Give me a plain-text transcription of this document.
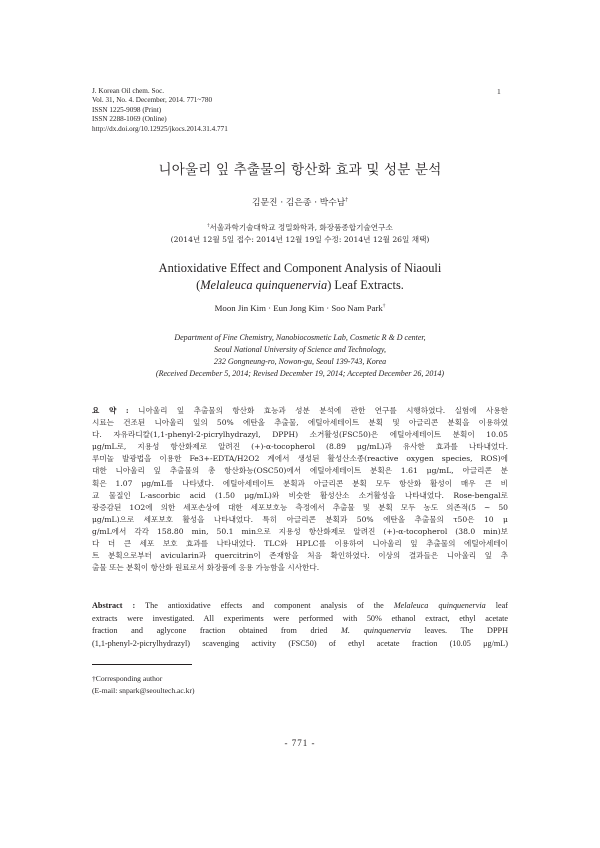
J. Korean Oil chem. Soc.
Vol. 31, No. 4. December, 2014. 771~780
ISSN 1225-9098 (Print)
ISSN 2288-1069 (Online)
http://dx.doi.org/10.12925/jkocs.2014.31.4.771
1
니아울리 잎 추출물의 항산화 효과 및 성분 분석
김문진 · 김은종 · 박수남†
†서울과학기술대학교 정밀화학과, 화장품종합기술연구소
(2014년 12월 5일 접수: 2014년 12월 19일 수정: 2014년 12월 26일 채택)
Antioxidative Effect and Component Analysis of Niaouli
(Melaleuca quinquenervia) Leaf Extracts.
Moon Jin Kim · Eun Jong Kim · Soo Nam Park†
Department of Fine Chemistry, Nanobiocosmetic Lab, Cosmetic R & D center,
Seoul National University of Science and Technology,
232 Gongneung-ro, Nowon-gu, Seoul 139-743, Korea
(Received December 5, 2014; Revised December 19, 2014; Accepted December 26, 2014)
요 약 : 니아울리 잎 추출물의 항산화 효능과 성분 분석에 관한 연구를 시행하였다. 실험에 사용한
시료는 건조된 니아울리 잎의 50% 에탄올 추출물, 에틸아세테이트 분획 및 아글리콘 분획을 이용하였
다. 자유라디칼(1,1-phenyl-2-picrylhydrazyl, DPPH) 소거활성(FSC50)은 에틸아세테이트 분획이 10.05
μg/mL로, 지용성 항산화제로 알려진 (+)-α-tocopherol (8.89 μg/mL)과 유사한 효과를 나타내었다.
루미놀 발광법을 이용한 Fe3+-EDTA/H2O2 계에서 생성된 활성산소종(reactive oxygen species, ROS)에
대한 니아울리 잎 추출물의 총 항산화능(OSC50)에서 에틸아세테이트 분획은 1.61 μg/mL, 아글리콘 분
획은 1.07 μg/mL를 나타냈다. 에틸아세테이트 분획과 아글리콘 분획 모두 항산화 활성이 매우 큰 비
교 물질인 L-ascorbic acid (1.50 μg/mL)와 비슷한 활성산소 소거활성을 나타내었다. Rose-bengal로
광증감된 1O2에 의한 세포손상에 대한 세포보호능 측정에서 추출물 및 분획 모두 농도 의존적(5 ~ 50
μg/mL)으로 세포보호 활성을 나타내었다. 특히 아글리콘 분획과 50% 에탄올 추출물의 τ50은 10 μ
g/mL에서 각각 158.80 min, 50.1 min으로 지용성 항산화제로 알려진 (+)-α-tocopherol (38.0 min)보
다 더 큰 세포 보호 효과를 나타내었다. TLC와 HPLC를 이용하여 니아울리 잎 추출물의 에틸아세테이
트 분획으로부터 avicularin과 quercitrin이 존재함을 처음 확인하였다. 이상의 결과들은 니아울리 잎 추
출물 또는 분획이 항산화 원료로서 화장품에 응용 가능함을 시사한다.
Abstract : The antioxidative effects and component analysis of the Melaleuca quinquenervia leaf
extracts were investigated. All experiments were performed with 50% ethanol extract, ethyl acetate
fraction and aglycone fraction obtained from dried M. quinquenervia leaves. The DPPH
(1,1-phenyl-2-picrylhydrazyl) scavenging activity (FSC50) of ethyl acetate fraction (10.05 μg/mL)
†Corresponding author
(E-mail: snpark@seoultech.ac.kr)
- 771 -
